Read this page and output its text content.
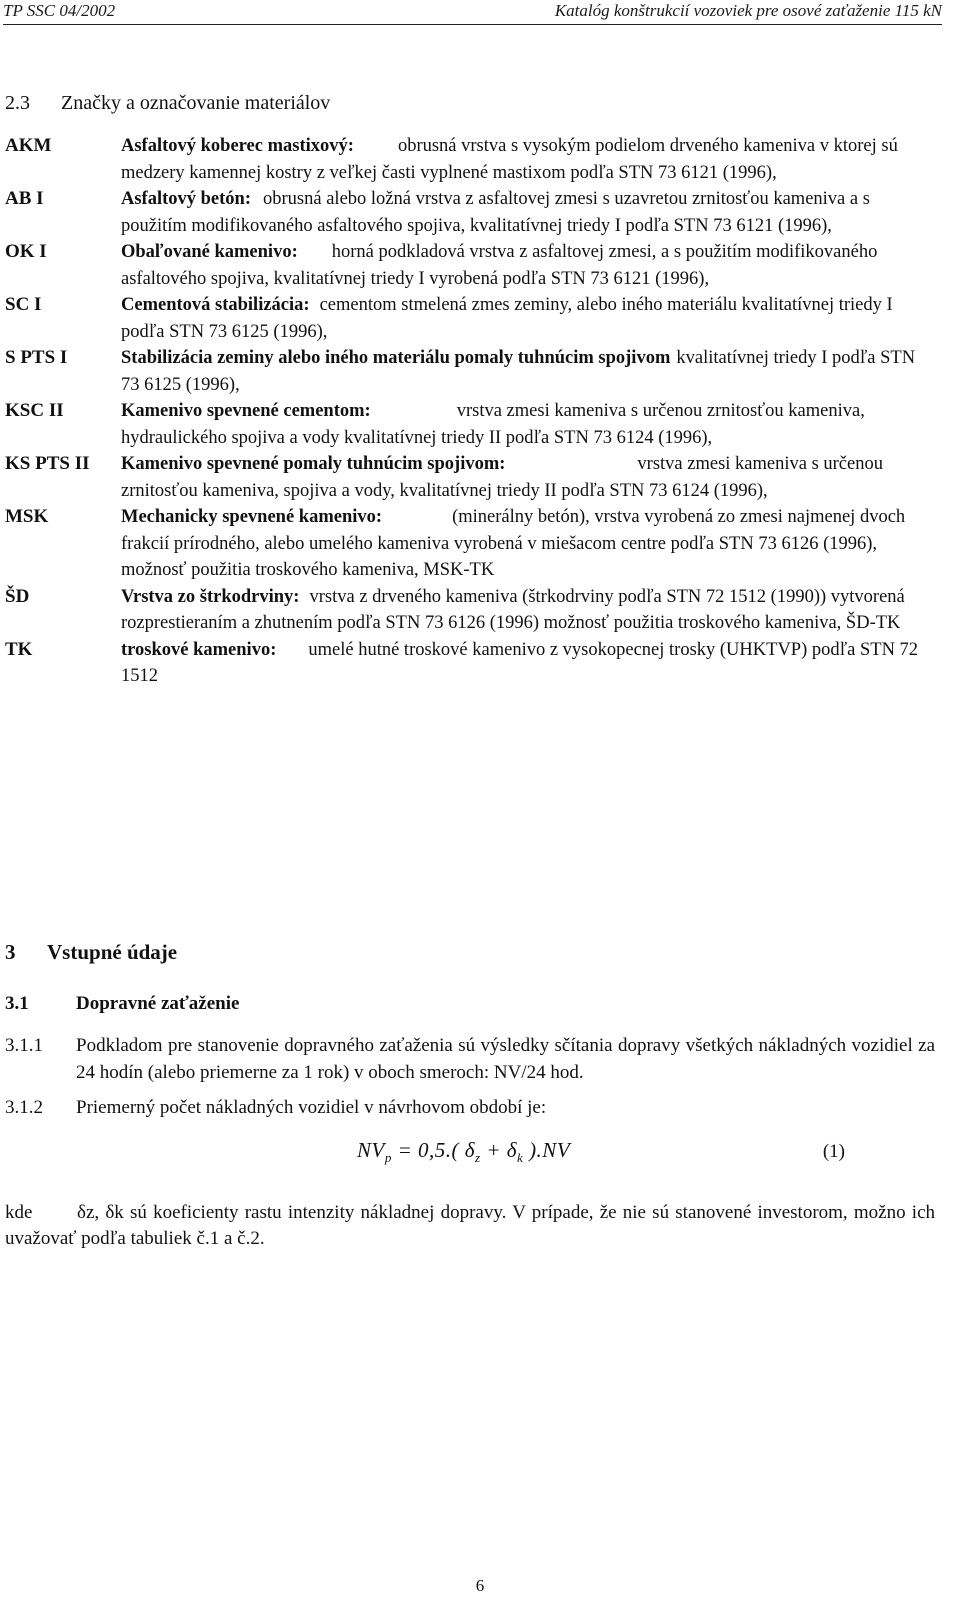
TP SSC 04/2002	Katalóg konštrukcií vozoviek pre osové zaťaženie 115 kN
2.3 Značky a označovanie materiálov
AKM	Asfaltový koberec mastixový: obrusná vrstva s vysokým podielom drveného kameniva v ktorej sú medzery kamennej kostry z veľkej časti vyplnené mastixom podľa STN 73 6121 (1996),
AB I	Asfaltový betón: obrusná alebo ložná vrstva z asfaltovej zmesi s uzavretou zrnitosťou kameniva a s použitím modifikovaného asfaltového spojiva, kvalitatívnej triedy I podľa STN 73 6121 (1996),
OK I	Obaľované kamenivo: horná podkladová vrstva z asfaltovej zmesi, a s použitím modifikovaného asfaltového spojiva, kvalitatívnej triedy I vyrobená podľa STN 73 6121 (1996),
SC I	Cementová stabilizácia: cementom stmelená zmes zeminy, alebo iného materiálu kvalitatívnej triedy I podľa STN 73 6125 (1996),
S PTS I	Stabilizácia zeminy alebo iného materiálu pomaly tuhnúcim spojivom kvalitatívnej triedy I podľa STN 73 6125 (1996),
KSC II	Kamenivo spevnené cementom:	vrstva zmesi kameniva s určenou zrnitosťou kameniva, hydraulického spojiva a vody kvalitatívnej triedy II podľa STN 73 6124 (1996),
KS PTS II	Kamenivo spevnené pomaly tuhnúcim spojivom:	vrstva zmesi kameniva s určenou zrnitosťou kameniva, spojiva a vody, kvalitatívnej triedy II podľa STN 73 6124 (1996),
MSK	Mechanicky spevnené kamenivo:	(minerálny betón), vrstva vyrobená zo zmesi najmenej dvoch frakcií prírodného, alebo umelého kameniva vyrobená v miešacom centre podľa STN 73 6126 (1996), možnosť použitia troskového kameniva, MSK-TK
ŠD	Vrstva zo štrkodrviny: vrstva z drveného kameniva (štrkodrviny podľa STN 72 1512 (1990)) vytvorená rozprestieraním a zhutnením podľa STN 73 6126 (1996) možnosť použitia troskového kameniva, ŠD-TK
TK	troskové kamenivo: umelé hutné troskové kamenivo z vysokopecnej trosky (UHKTVP) podľa STN 72 1512
3 Vstupné údaje
3.1 Dopravné zaťaženie
3.1.1	Podkladom pre stanovenie dopravného zaťaženia sú výsledky sčítania dopravy všetkých nákladných vozidiel za 24 hodín (alebo priemerne za 1 rok) v oboch smeroch: NV/24 hod.
3.1.2	Priemerný počet nákladných vozidiel v návrhovom období je:
$NV_p = 0,5$.( $\delta_z + \delta_k$ ).NV	(1)
kde δz, δk sú koeficienty rastu intenzity nákladnej dopravy. V prípade, že nie sú stanovené investorom, možno ich uvažovať podľa tabuliek č.1 a č.2.
6
